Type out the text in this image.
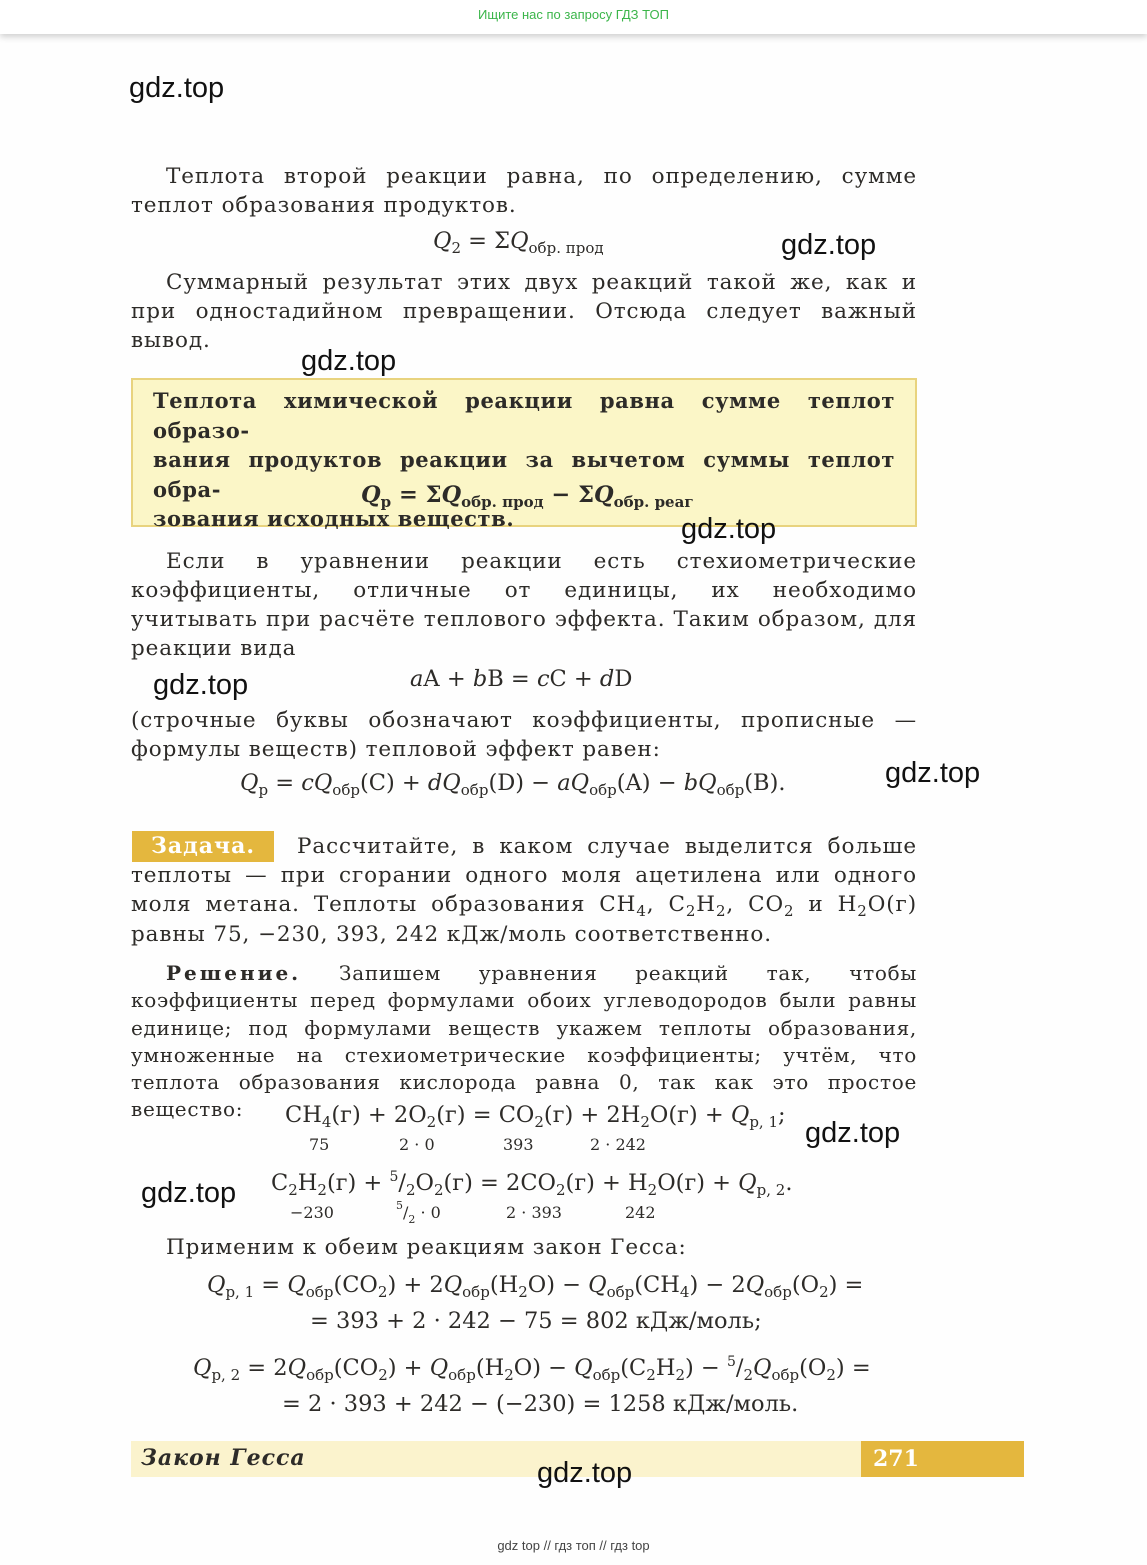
Ищите нас по запросу ГДЗ ТОП
Теплота второй реакции равна, по определению, сумме теплот образования продуктов.
$Q_2 = \Sigma Q_{обр. прод}$
Суммарный результат этих двух реакций такой же, как и при одностадийном превращении. Отсюда следует важный вывод.
Теплота химической реакции равна сумме теплот образо-
вания продуктов реакции за вычетом суммы теплот обра-
зования исходных веществ.
$Q_р = \Sigma Q_{обр. прод} - \Sigma Q_{обр. реаг}$
Если в уравнении реакции есть стехиометрические коэффициенты, отличные от единицы, их необходимо учитывать при расчёте теплового эффекта. Таким образом, для реакции вида
aA + bB = cC + dD
(строчные буквы обозначают коэффициенты, прописные — формулы веществ) тепловой эффект равен:
$Q_р = cQ_{обр}(C) + dQ_{обр}(D) - aQ_{обр}(A) - bQ_{обр}(B)$.
Задача.	Рассчитайте, в каком случае выделится больше
теплоты — при сгорании одного моля ацетилена или одного
моля метана. Теплоты образования $CH_4$, $C_2H_2$, $CO_2$ и $H_2O(г)$
равны 75, −230, 393, 242 кДж/моль соответственно.
Решение. Запишем уравнения реакций так, чтобы коэффициенты перед формулами обоих углеводородов были равны единице; под формулами веществ укажем теплоты образования, умноженные на стехиометрические коэффициенты; учтём, что теплота образования кислорода равна 0, так как это простое вещество:	$CH_4(г) + 2O_2(г) = CO_2(г) + 2H_2O(г) + Q_{р, 1}$;
75	2 · 0	393	2 · 242
$C_2H_2(г) + ^5/_2O_2(г) = 2CO_2(г) + H_2O(г) + Q_{р, 2}$.
−230	$^5/_2 \cdot 0$	2 · 393	242
Применим к обеим реакциям закон Гесса:
$Q_{р, 1} = Q_{обр}(CO_2) + 2Q_{обр}(H_2O) - Q_{обр}(CH_4) - 2Q_{обр}(O_2)$ =
= 393 + 2 · 242 − 75 = 802 кДж/моль;
$Q_{р, 2} = 2Q_{обр}(CO_2) + Q_{обр}(H_2O) - Q_{обр}(C_2H_2) - ^5/_2Q_{обр}(O_2)$ =
= 2 · 393 + 242 − (−230) = 1258 кДж/моль.
Закон Гесса	271
gdz top // гдз топ // гдз top
gdz.top
gdz.top
gdz.top
gdz.top
gdz.top
gdz.top
gdz.top
gdz.top
gdz.top
